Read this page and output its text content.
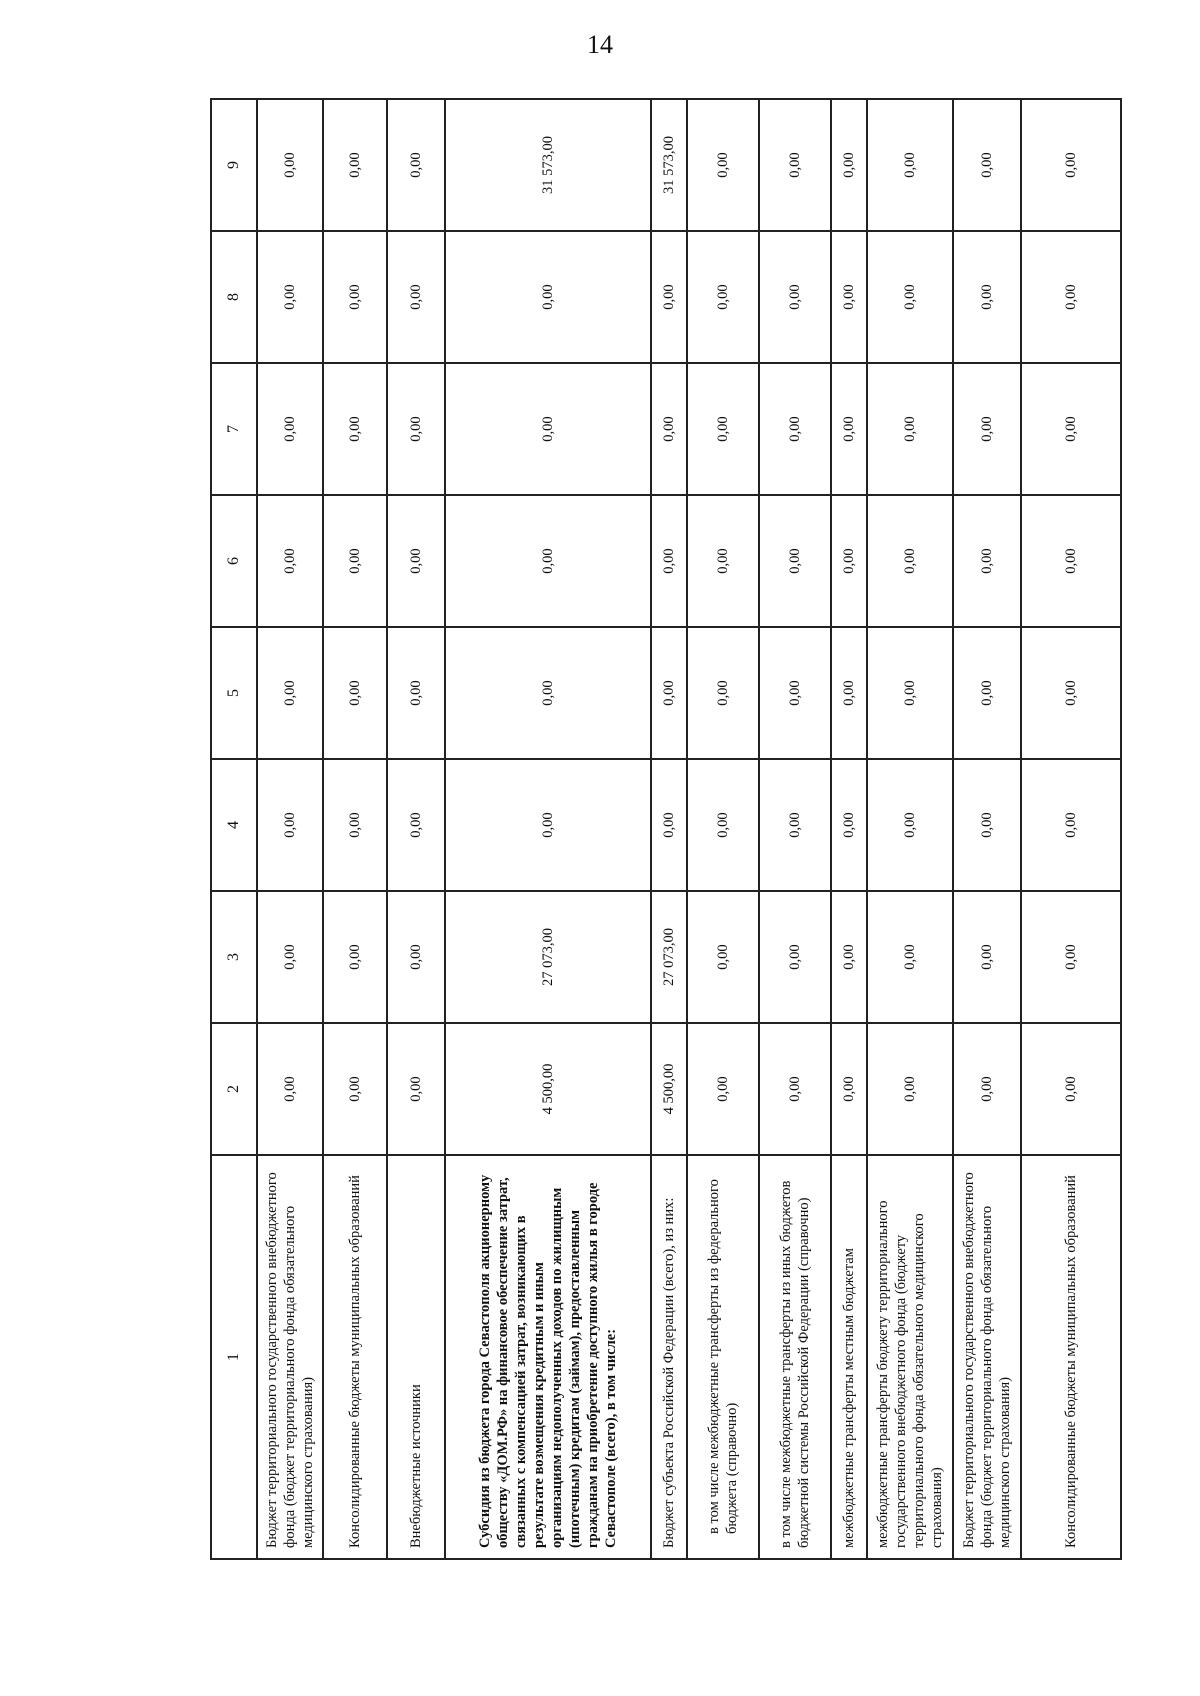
14
1	2	3	4	5	6	7	8	9
Бюджет территориального государственного внебюджетного фонда (бюджет территориального фонда обязательного медицинского страхования)	0,00	0,00	0,00	0,00	0,00	0,00	0,00	0,00
Консолидированные бюджеты муниципальных образований	0,00	0,00	0,00	0,00	0,00	0,00	0,00	0,00
Внебюджетные источники	0,00	0,00	0,00	0,00	0,00	0,00	0,00	0,00
Субсидия из бюджета города Севастополя акционерному обществу «ДОМ.РФ» на финансовое обеспечение затрат, связанных с компенсацией затрат, возникающих в результате возмещения кредитным и иным организациям недополученных доходов по жилищным (ипотечным) кредитам (займам), предоставленным гражданам на приобретение доступного жилья в городе Севастополе (всего), в том числе:	4 500,00	27 073,00	0,00	0,00	0,00	0,00	0,00	31 573,00
Бюджет субъекта Российской Федерации (всего), из них:	4 500,00	27 073,00	0,00	0,00	0,00	0,00	0,00	31 573,00
в том числе межбюджетные трансферты из федерального бюджета (справочно)	0,00	0,00	0,00	0,00	0,00	0,00	0,00	0,00
в том числе межбюджетные трансферты из иных бюджетов бюджетной системы Российской Федерации (справочно)	0,00	0,00	0,00	0,00	0,00	0,00	0,00	0,00
межбюджетные трансферты местным бюджетам	0,00	0,00	0,00	0,00	0,00	0,00	0,00	0,00
межбюджетные трансферты бюджету территориального государственного внебюджетного фонда (бюджету территориального фонда обязательного медицинского страхования)	0,00	0,00	0,00	0,00	0,00	0,00	0,00	0,00
Бюджет территориального государственного внебюджетного фонда (бюджет территориального фонда обязательного медицинского страхования)	0,00	0,00	0,00	0,00	0,00	0,00	0,00	0,00
Консолидированные бюджеты муниципальных образований	0,00	0,00	0,00	0,00	0,00	0,00	0,00	0,00
